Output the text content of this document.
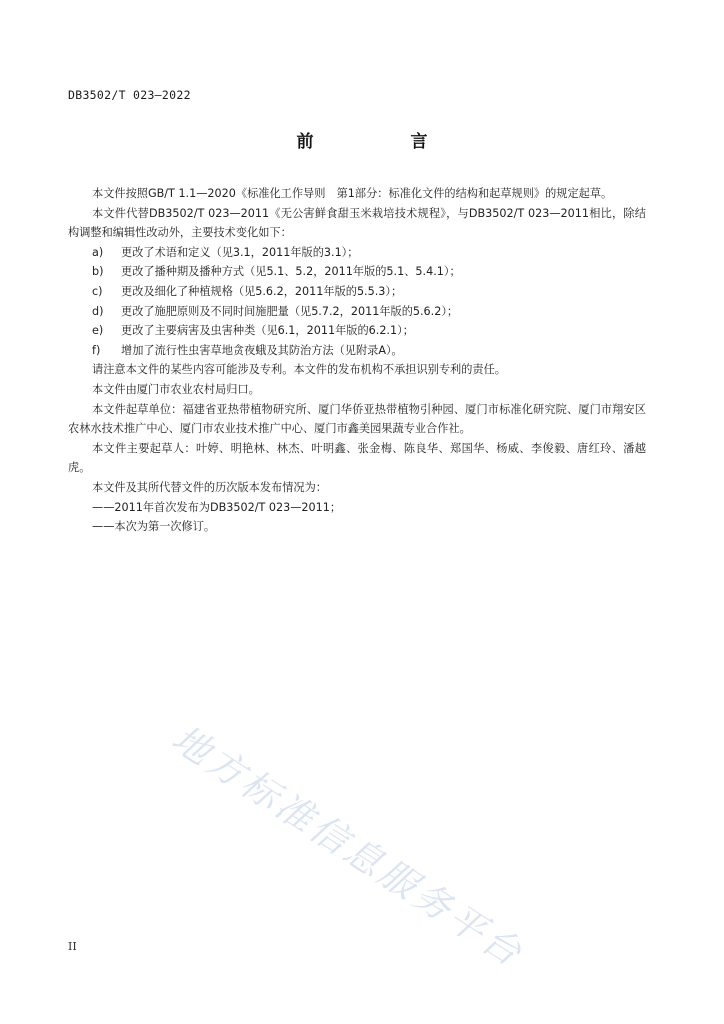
DB3502/T 023—2022
前　言

本文件按照GB/T 1.1—2020《标准化工作导则　第1部分：标准化文件的结构和起草规则》的规定起草。

本文件代替DB3502/T 023—2011《无公害鲜食甜玉米栽培技术规程》，与DB3502/T 023—2011相比，除结构调整和编辑性改动外，主要技术变化如下：

a) 更改了术语和定义（见3.1，2011年版的3.1）；

b) 更改了播种期及播种方式（见5.1、5.2，2011年版的5.1、5.4.1）；

c) 更改及细化了种植规格（见5.6.2，2011年版的5.5.3）；

d) 更改了施肥原则及不同时间施肥量（见5.7.2，2011年版的5.6.2）；

e) 更改了主要病害及虫害种类（见6.1，2011年版的6.2.1）；

f) 增加了流行性虫害草地贪夜蛾及其防治方法（见附录A）。

请注意本文件的某些内容可能涉及专利。本文件的发布机构不承担识别专利的责任。

本文件由厦门市农业农村局归口。

本文件起草单位：福建省亚热带植物研究所、厦门华侨亚热带植物引种园、厦门市标准化研究院、厦门市翔安区农林水技术推广中心、厦门市农业技术推广中心、厦门市鑫美园果蔬专业合作社。

本文件主要起草人：叶婷、明艳林、林杰、叶明鑫、张金梅、陈良华、郑国华、杨威、李俊毅、唐红玲、潘越虎。

本文件及其所代替文件的历次版本发布情况为：

——2011年首次发布为DB3502/T 023—2011；

——本次为第一次修订。

地方标准信息服务平台
II
